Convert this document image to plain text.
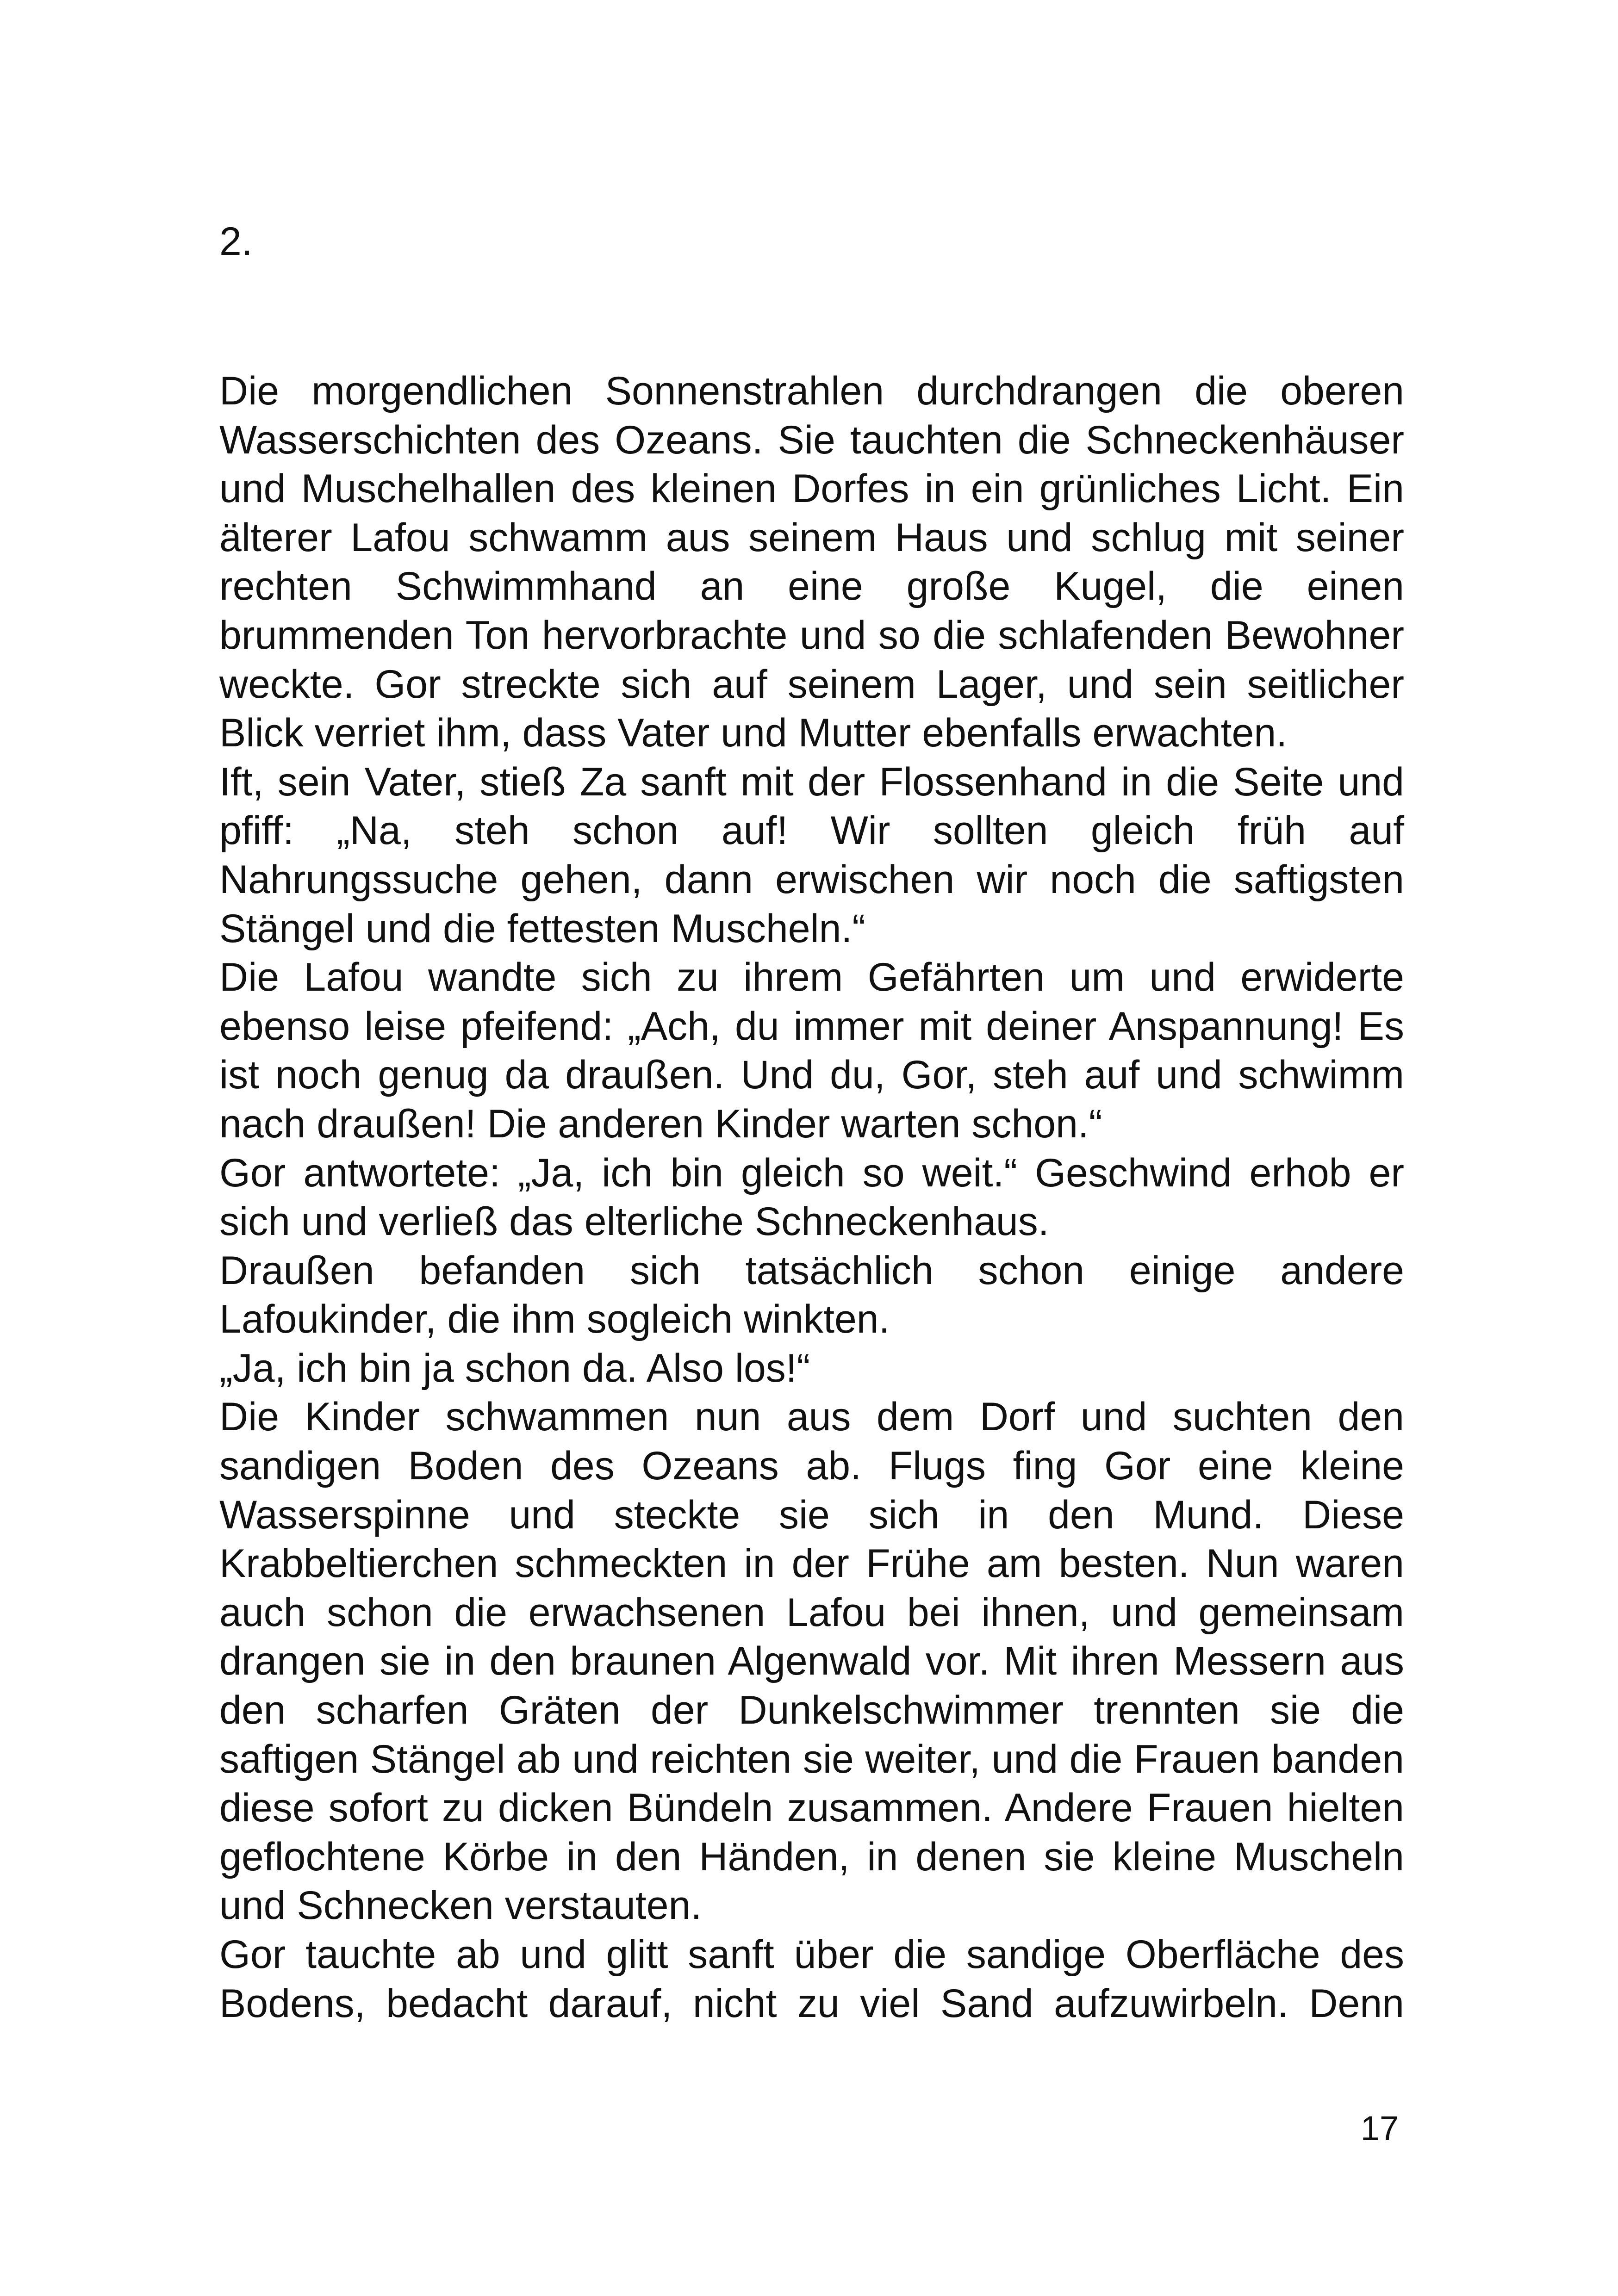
2.

Die morgendlichen Sonnenstrahlen durchdrangen die oberen Wasserschichten des Ozeans. Sie tauchten die Schneckenhäuser und Muschelhallen des kleinen Dorfes in ein grünliches Licht. Ein älterer Lafou schwamm aus seinem Haus und schlug mit seiner rechten Schwimmhand an eine große Kugel, die einen brummenden Ton hervorbrachte und so die schlafenden Bewohner weckte. Gor streckte sich auf seinem Lager, und sein seitlicher Blick verriet ihm, dass Vater und Mutter ebenfalls erwachten.

Ift, sein Vater, stieß Za sanft mit der Flossenhand in die Seite und pfiff: „Na, steh schon auf! Wir sollten gleich früh auf Nahrungssuche gehen, dann erwischen wir noch die saftigsten Stängel und die fettesten Muscheln.“

Die Lafou wandte sich zu ihrem Gefährten um und erwiderte ebenso leise pfeifend: „Ach, du immer mit deiner Anspannung! Es ist noch genug da draußen. Und du, Gor, steh auf und schwimm nach draußen! Die anderen Kinder warten schon.“

Gor antwortete: „Ja, ich bin gleich so weit.“ Geschwind erhob er sich und verließ das elterliche Schneckenhaus.

Draußen befanden sich tatsächlich schon einige andere Lafoukinder, die ihm sogleich winkten.

„Ja, ich bin ja schon da. Also los!“

Die Kinder schwammen nun aus dem Dorf und suchten den sandigen Boden des Ozeans ab. Flugs fing Gor eine kleine Wasserspinne und steckte sie sich in den Mund. Diese Krabbeltierchen schmeckten in der Frühe am besten. Nun waren auch schon die erwachsenen Lafou bei ihnen, und gemeinsam drangen sie in den braunen Algenwald vor. Mit ihren Messern aus den scharfen Gräten der Dunkelschwimmer trennten sie die saftigen Stängel ab und reichten sie weiter, und die Frauen banden diese sofort zu dicken Bündeln zusammen. Andere Frauen hielten geflochtene Körbe in den Händen, in denen sie kleine Muscheln und Schnecken verstauten.

Gor tauchte ab und glitt sanft über die sandige Oberfläche des Bodens, bedacht darauf, nicht zu viel Sand aufzuwirbeln. Denn

17
